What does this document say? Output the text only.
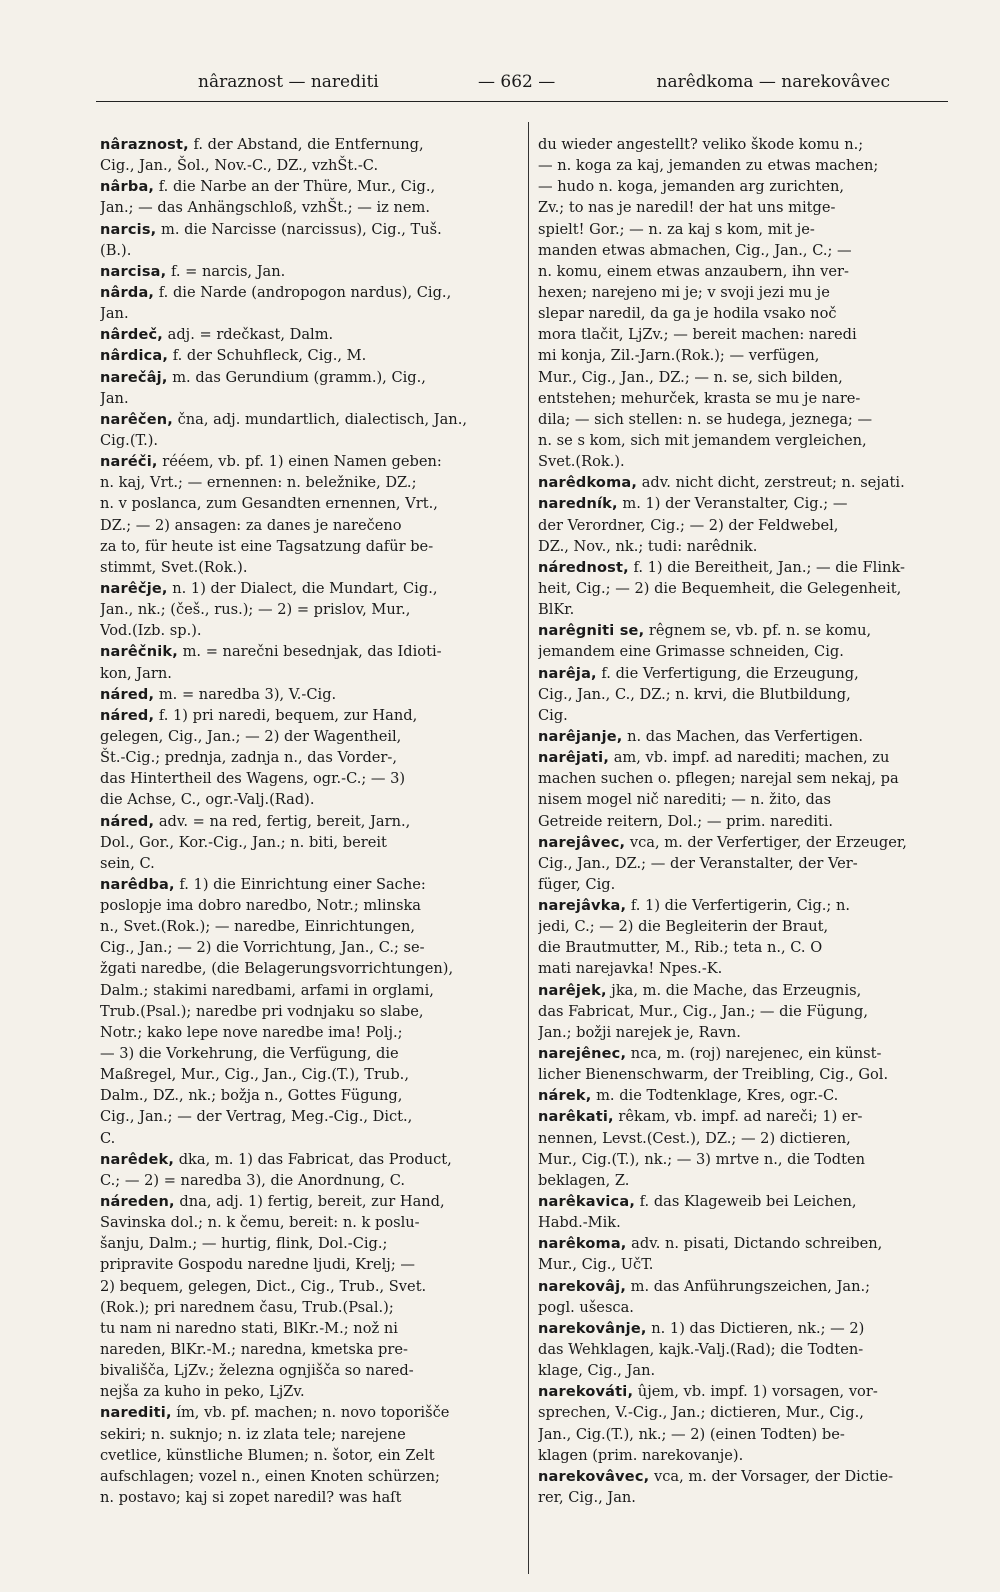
nâraznost — narediti	— 662 —	narêdkoma — narekovâvec
nâraznost, f. der Abstand, die Entfernung,
Cig., Jan., Šol., Nov.-C., DZ., vzhŠt.-C.
nârba, f. die Narbe an der Thüre, Mur., Cig.,
Jan.; — das Anhängschloß, vzhŠt.; — iz nem.
narcis, m. die Narcisse (narcissus), Cig., Tuš.
(B.).
narcisa, f. = narcis, Jan.
nârda, f. die Narde (andropogon nardus), Cig.,
Jan.
nârdeč, adj. = rdečkast, Dalm.
nârdica, f. der Schuhfleck, Cig., M.
narečâj, m. das Gerundium (gramm.), Cig.,
Jan.
narêčen, čna, adj. mundartlich, dialectisch, Jan.,
Cig.(T.).
naréči, rééem, vb. pf. 1) einen Namen geben:
n. kaj, Vrt.; — ernennen: n. beležnike, DZ.;
n. v poslanca, zum Gesandten ernennen, Vrt.,
DZ.; — 2) ansagen: za danes je narečeno
za to, für heute ist eine Tagsatzung dafür be-
stimmt, Svet.(Rok.).
narêčje, n. 1) der Dialect, die Mundart, Cig.,
Jan., nk.; (češ., rus.); — 2) = prislov, Mur.,
Vod.(Izb. sp.).
narêčnik, m. = narečni besednjak, das Idioti-
kon, Jarn.
náred, m. = naredba 3), V.-Cig.
náred, f. 1) pri naredi, bequem, zur Hand,
gelegen, Cig., Jan.; — 2) der Wagentheil,
Št.-Cig.; prednja, zadnja n., das Vorder-,
das Hintertheil des Wagens, ogr.-C.; — 3)
die Achse, C., ogr.-Valj.(Rad).
náred, adv. = na red, fertig, bereit, Jarn.,
Dol., Gor., Kor.-Cig., Jan.; n. biti, bereit
sein, C.
narêdba, f. 1) die Einrichtung einer Sache:
poslopje ima dobro naredbo, Notr.; mlinska
n., Svet.(Rok.); — naredbe, Einrichtungen,
Cig., Jan.; — 2) die Vorrichtung, Jan., C.; se-
žgati naredbe, (die Belagerungsvorrichtungen),
Dalm.; stakimi naredbami, arfami in orglami,
Trub.(Psal.); naredbe pri vodnjaku so slabe,
Notr.; kako lepe nove naredbe ima! Polj.;
— 3) die Vorkehrung, die Verfügung, die
Maßregel, Mur., Cig., Jan., Cig.(T.), Trub.,
Dalm., DZ., nk.; božja n., Gottes Fügung,
Cig., Jan.; — der Vertrag, Meg.-Cig., Dict.,
C.
narêdek, dka, m. 1) das Fabricat, das Product,
C.; — 2) = naredba 3), die Anordnung, C.
náreden, dna, adj. 1) fertig, bereit, zur Hand,
Savinska dol.; n. k čemu, bereit: n. k poslu-
šanju, Dalm.; — hurtig, flink, Dol.-Cig.;
pripravite Gospodu naredne ljudi, Krelj; —
2) bequem, gelegen, Dict., Cig., Trub., Svet.
(Rok.); pri narednem času, Trub.(Psal.);
tu nam ni naredno stati, BlKr.-M.; nož ni
nareden, BlKr.-M.; naredna, kmetska pre-
bivališča, LjZv.; železna ognjišča so nared-
nejša za kuho in peko, LjZv.
narediti, ím, vb. pf. machen; n. novo toporišče
sekiri; n. suknjo; n. iz zlata tele; narejene
cvetlice, künstliche Blumen; n. šotor, ein Zelt
aufschlagen; vozel n., einen Knoten schürzen;
n. postavo; kaj si zopet naredil? was haſt
du wieder angestellt? veliko škode komu n.;
— n. koga za kaj, jemanden zu etwas machen;
— hudo n. koga, jemanden arg zurichten,
Zv.; to nas je naredil! der hat uns mitge-
spielt! Gor.; — n. za kaj s kom, mit je-
manden etwas abmachen, Cig., Jan., C.; —
n. komu, einem etwas anzaubern, ihn ver-
hexen; narejeno mi je; v svoji jezi mu je
slepar naredil, da ga je hodila vsako noč
mora tlačit, LjZv.; — bereit machen: naredi
mi konja, Zil.-Jarn.(Rok.); — verfügen,
Mur., Cig., Jan., DZ.; — n. se, sich bilden,
entstehen; mehurček, krasta se mu je nare-
dila; — sich stellen: n. se hudega, jeznega; —
n. se s kom, sich mit jemandem vergleichen,
Svet.(Rok.).
narêdkoma, adv. nicht dicht, zerstreut; n. sejati.
naredník, m. 1) der Veranstalter, Cig.; —
der Verordner, Cig.; — 2) der Feldwebel,
DZ., Nov., nk.; tudi: narêdnik.
nárednost, f. 1) die Bereitheit, Jan.; — die Flink-
heit, Cig.; — 2) die Bequemheit, die Gelegenheit,
BlKr.
narêgniti se, rêgnem se, vb. pf. n. se komu,
jemandem eine Grimasse schneiden, Cig.
narêja, f. die Verfertigung, die Erzeugung,
Cig., Jan., C., DZ.; n. krvi, die Blutbildung,
Cig.
narêjanje, n. das Machen, das Verfertigen.
narêjati, am, vb. impf. ad narediti; machen, zu
machen suchen o. pflegen; narejal sem nekaj, pa
nisem mogel nič narediti; — n. žito, das
Getreide reitern, Dol.; — prim. narediti.
narejâvec, vca, m. der Verfertiger, der Erzeuger,
Cig., Jan., DZ.; — der Veranstalter, der Ver-
füger, Cig.
narejâvka, f. 1) die Verfertigerin, Cig.; n.
jedi, C.; — 2) die Begleiterin der Braut,
die Brautmutter, M., Rib.; teta n., C. O
mati narejavka! Npes.-K.
narêjek, jka, m. die Mache, das Erzeugnis,
das Fabricat, Mur., Cig., Jan.; — die Fügung,
Jan.; božji narejek je, Ravn.
narejênec, nca, m. (roj) narejenec, ein künst-
licher Bienenschwarm, der Treibling, Cig., Gol.
nárek, m. die Todtenklage, Kres, ogr.-C.
narêkati, rêkam, vb. impf. ad nareči; 1) er-
nennen, Levst.(Cest.), DZ.; — 2) dictieren,
Mur., Cig.(T.), nk.; — 3) mrtve n., die Todten
beklagen, Z.
narêkavica, f. das Klageweib bei Leichen,
Habd.-Mik.
narêkoma, adv. n. pisati, Dictando schreiben,
Mur., Cig., UčT.
narekovâj, m. das Anführungszeichen, Jan.;
pogl. ušesca.
narekovânje, n. 1) das Dictieren, nk.; — 2)
das Wehklagen, kajk.-Valj.(Rad); die Todten-
klage, Cig., Jan.
narekováti, ûjem, vb. impf. 1) vorsagen, vor-
sprechen, V.-Cig., Jan.; dictieren, Mur., Cig.,
Jan., Cig.(T.), nk.; — 2) (einen Todten) be-
klagen (prim. narekovanje).
narekovâvec, vca, m. der Vorsager, der Dictie-
rer, Cig., Jan.
